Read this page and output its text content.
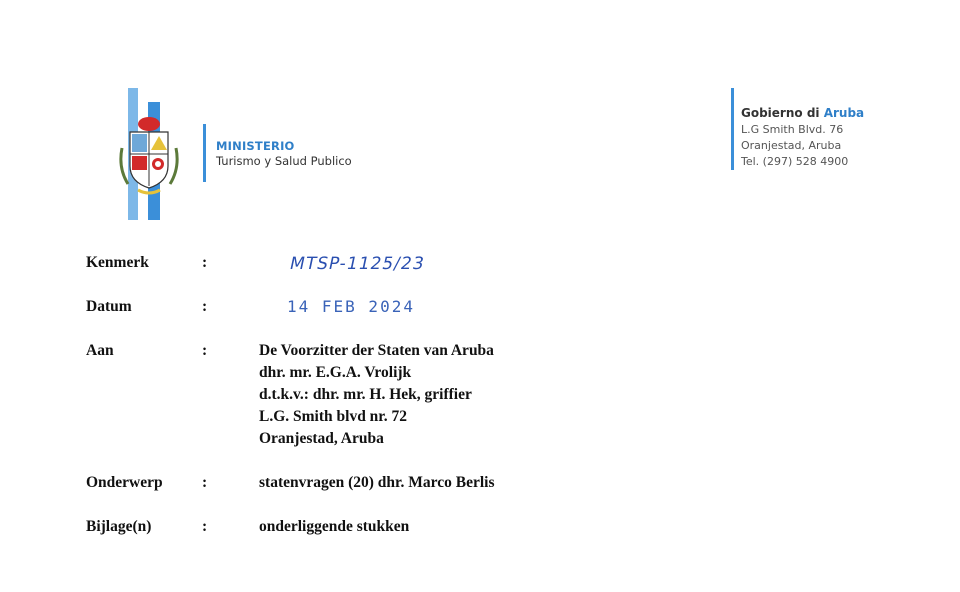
MINISTERIO
Turismo y Salud Publico
Gobierno di Aruba
L.G Smith Blvd. 76
Oranjestad, Aruba
Tel. (297) 528 4900
Kenmerk	:	MTSP-1125/23
Datum	:	14 FEB 2024
Aan	:	De Voorzitter der Staten van Aruba
dhr. mr. E.G.A. Vrolijk
d.t.k.v.: dhr. mr. H. Hek, griffier
L.G. Smith blvd nr. 72
Oranjestad, Aruba
Onderwerp	:	statenvragen (20) dhr. Marco Berlis
Bijlage(n)	:	onderliggende stukken
